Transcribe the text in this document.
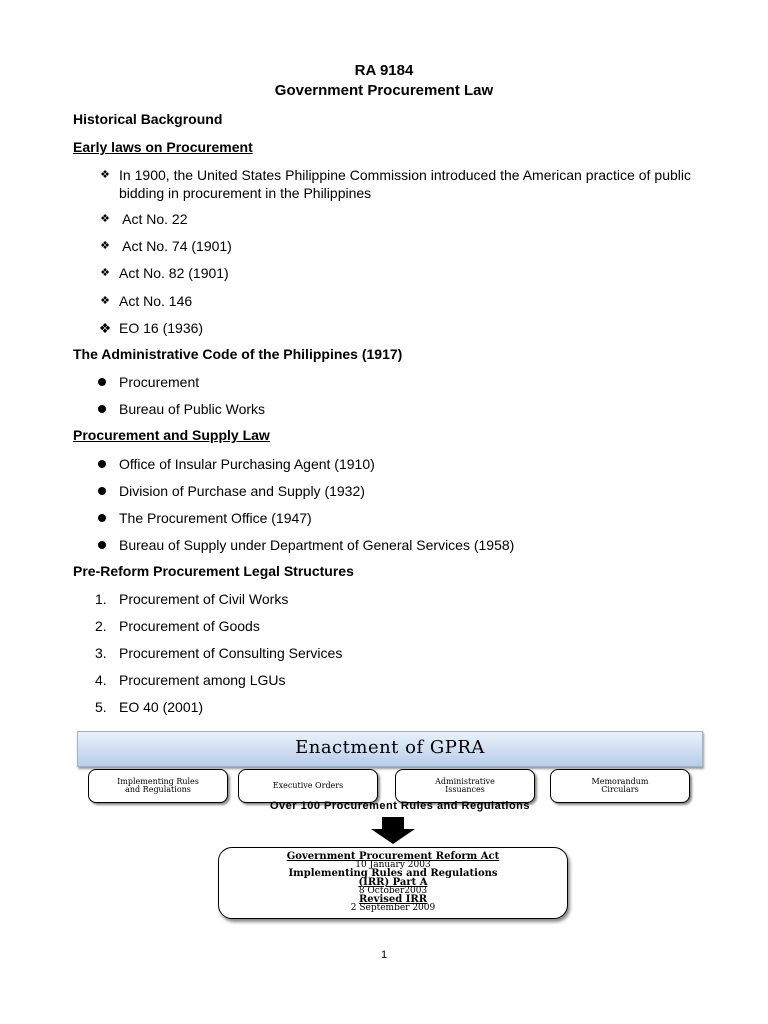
RA 9184
Government Procurement Law
Historical Background
Early laws on Procurement
❖ In 1900, the United States Philippine Commission introduced the American practice of public bidding in procurement in the Philippines
❖ Act No. 22
❖ Act No. 74 (1901)
❖ Act No. 82 (1901)
❖ Act No. 146
❖ EO 16 (1936)
The Administrative Code of the Philippines (1917)
Procurement
Bureau of Public Works
Procurement and Supply Law
Office of Insular Purchasing Agent (1910)
Division of Purchase and Supply (1932)
The Procurement Office (1947)
Bureau of Supply under Department of General Services (1958)
Pre-Reform Procurement Legal Structures
1. Procurement of Civil Works
2. Procurement of Goods
3. Procurement of Consulting Services
4. Procurement among LGUs
5. EO 40 (2001)
Enactment of GPRA
Implementing Rules and Regulations	Executive Orders	Administrative Issuances
Memorandum Circulars
Over 100 Procurement Rules and Regulations
Government Procurement Reform Act
10 January 2003
Implementing Rules and Regulations
(IRR) Part A
8 October2003
Revised IRR
2 September 2009
1
